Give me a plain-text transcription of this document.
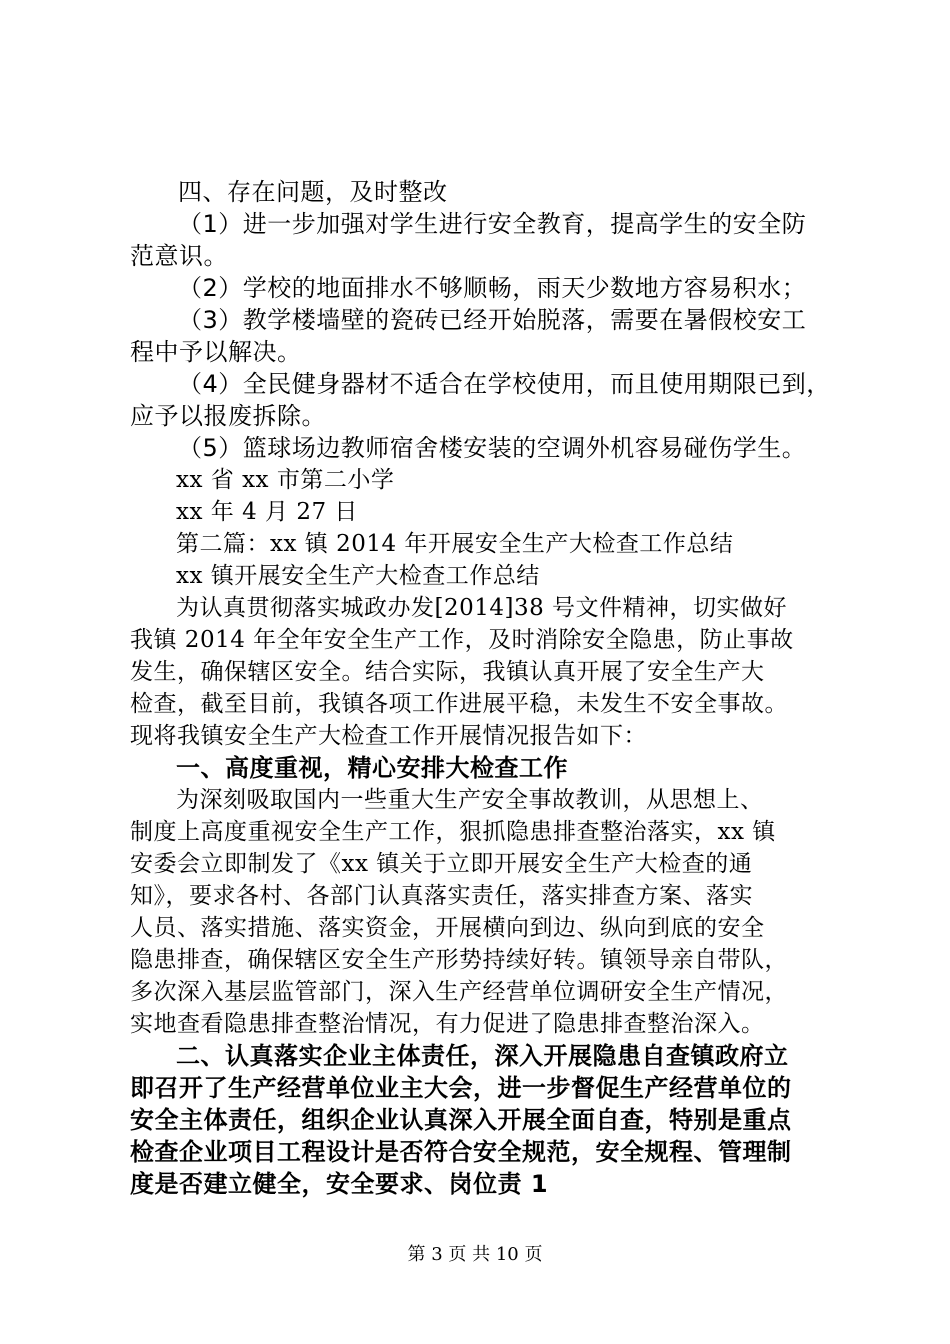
四、存在问题，及时整改
（1）进一步加强对学生进行安全教育，提高学生的安全防
范意识。
（2）学校的地面排水不够顺畅，雨天少数地方容易积水；
（3）教学楼墙壁的瓷砖已经开始脱落，需要在暑假校安工
程中予以解决。
（4）全民健身器材不适合在学校使用，而且使用期限已到，
应予以报废拆除。
（5）篮球场边教师宿舍楼安装的空调外机容易碰伤学生。
xx 省 xx 市第二小学
xx 年 4 月 27 日
第二篇：xx 镇 2014 年开展安全生产大检查工作总结
xx 镇开展安全生产大检查工作总结
为认真贯彻落实城政办发[2014]38 号文件精神，切实做好
我镇 2014 年全年安全生产工作，及时消除安全隐患，防止事故
发生，确保辖区安全。结合实际，我镇认真开展了安全生产大
检查，截至目前，我镇各项工作进展平稳，未发生不安全事故。
现将我镇安全生产大检查工作开展情况报告如下：
一、高度重视，精心安排大检查工作
为深刻吸取国内一些重大生产安全事故教训，从思想上、
制度上高度重视安全生产工作，狠抓隐患排查整治落实，xx 镇
安委会立即制发了《xx 镇关于立即开展安全生产大检查的通
知》，要求各村、各部门认真落实责任，落实排查方案、落实
人员、落实措施、落实资金，开展横向到边、纵向到底的安全
隐患排查，确保辖区安全生产形势持续好转。镇领导亲自带队，
多次深入基层监管部门，深入生产经营单位调研安全生产情况，
实地查看隐患排查整治情况，有力促进了隐患排查整治深入。
二、认真落实企业主体责任，深入开展隐患自查镇政府立
即召开了生产经营单位业主大会，进一步督促生产经营单位的
安全主体责任，组织企业认真深入开展全面自查，特别是重点
检查企业项目工程设计是否符合安全规范，安全规程、管理制
度是否建立健全，安全要求、岗位责 1
第 3 页 共 10 页
